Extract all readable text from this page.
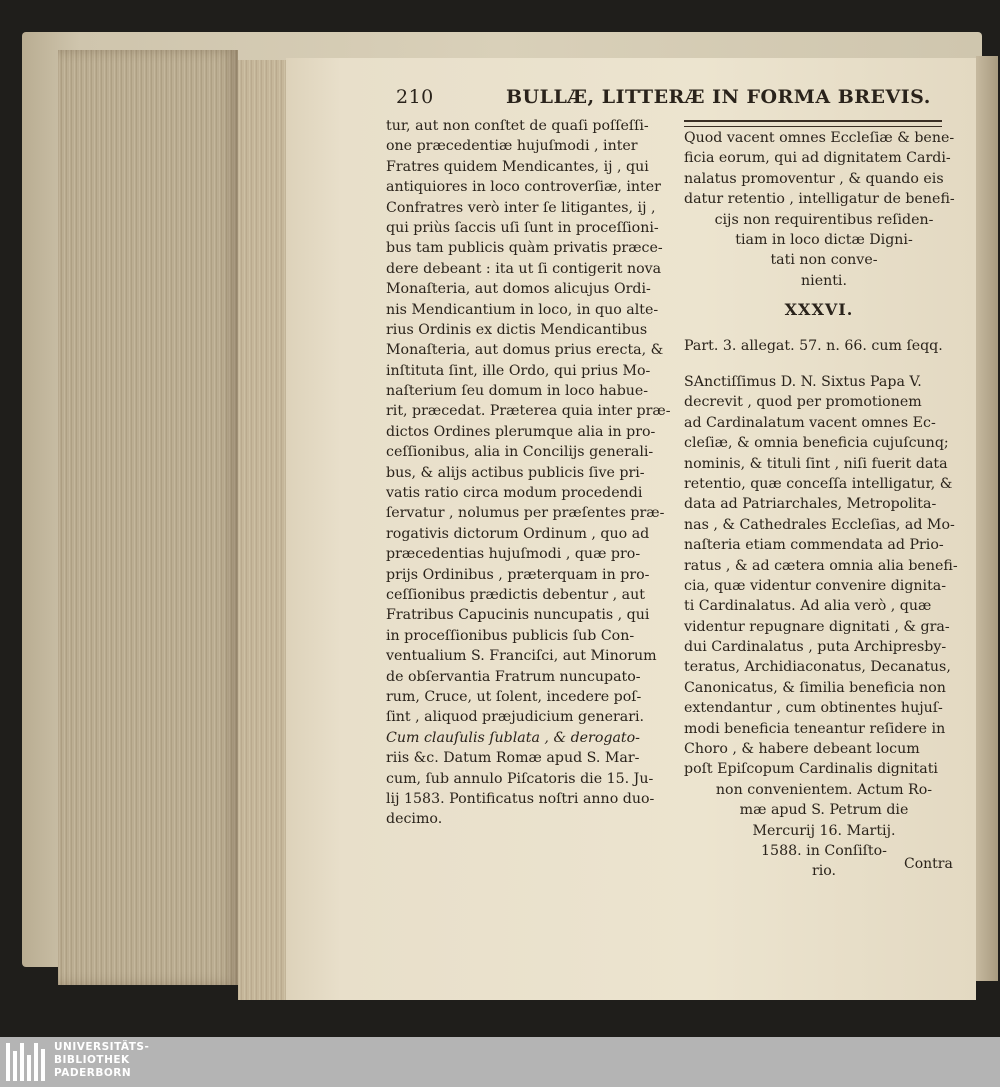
210	BULLÆ, LITTERÆ IN FORMA BREVIS.
tur, aut non conſtet de quaſi poſſeſſi-
one præcedentiæ hujuſmodi , inter
Fratres quidem Mendicantes, ij , qui
antiquiores in loco controverſiæ, inter
Confratres verò inter ſe litigantes, ij ,
qui priùs ſaccis uſi ſunt in proceſſioni-
bus tam publicis quàm privatis præce-
dere debeant : ita ut ſi contigerit nova
Monaſteria, aut domos alicujus Ordi-
nis Mendicantium in loco, in quo alte-
rius Ordinis ex dictis Mendicantibus
Monaſteria, aut domus prius erecta, &
inſtituta ſint, ille Ordo, qui prius Mo-
naſterium ſeu domum in loco habue-
rit, præcedat. Præterea quia inter præ-
dictos Ordines plerumque alia in pro-
ceſſionibus, alia in Concilijs generali-
bus, & alijs actibus publicis ſive pri-
vatis ratio circa modum procedendi
ſervatur , nolumus per præſentes præ-
rogativis dictorum Ordinum , quo ad
præcedentias hujuſmodi , quæ pro-
prijs Ordinibus , præterquam in pro-
ceſſionibus prædictis debentur , aut
Fratribus Capucinis nuncupatis , qui
in proceſſionibus publicis ſub Con-
ventualium S. Franciſci, aut Minorum
de obſervantia Fratrum nuncupato-
rum, Cruce, ut ſolent, incedere poſ-
ſint , aliquod præjudicium generari.
Cum clauſulis ſublata , & derogato-
riis &c. Datum Romæ apud S. Mar-
cum, ſub annulo Piſcatoris die 15. Ju-
lij 1583. Pontificatus noſtri anno duo-
decimo.
Quod vacent omnes Eccleſiæ & bene-
ficia eorum, qui ad dignitatem Cardi-
nalatus promoventur , & quando eis
datur retentio , intelligatur de benefi-
cijs non requirentibus reſiden-
tiam in loco dictæ Digni-
tati non conve-
nienti.
XXXVI.
Part. 3. allegat. 57. n. 66. cum ſeqq.
SAnctiſſimus D. N. Sixtus Papa V.
decrevit , quod per promotionem
ad Cardinalatum vacent omnes Ec-
cleſiæ, & omnia beneficia cujuſcunq;
nominis, & tituli ſint , niſi fuerit data
retentio, quæ conceſſa intelligatur, &
data ad Patriarchales, Metropolita-
nas , & Cathedrales Eccleſias, ad Mo-
naſteria etiam commendata ad Prio-
ratus , & ad cætera omnia alia benefi-
cia, quæ videntur convenire dignita-
ti Cardinalatus. Ad alia verò , quæ
videntur repugnare dignitati , & gra-
dui Cardinalatus , puta Archipresby-
teratus, Archidiaconatus, Decanatus,
Canonicatus, & ſimilia beneficia non
extendantur , cum obtinentes hujuſ-
modi beneficia teneantur reſidere in
Choro , & habere debeant locum
poſt Epiſcopum Cardinalis dignitati
non convenientem. Actum Ro-
mæ apud S. Petrum die
Mercurij 16. Martij.
1588. in Conſiſto-
rio.	Contra
UNIVERSITÄTS-
BIBLIOTHEK
PADERBORN
